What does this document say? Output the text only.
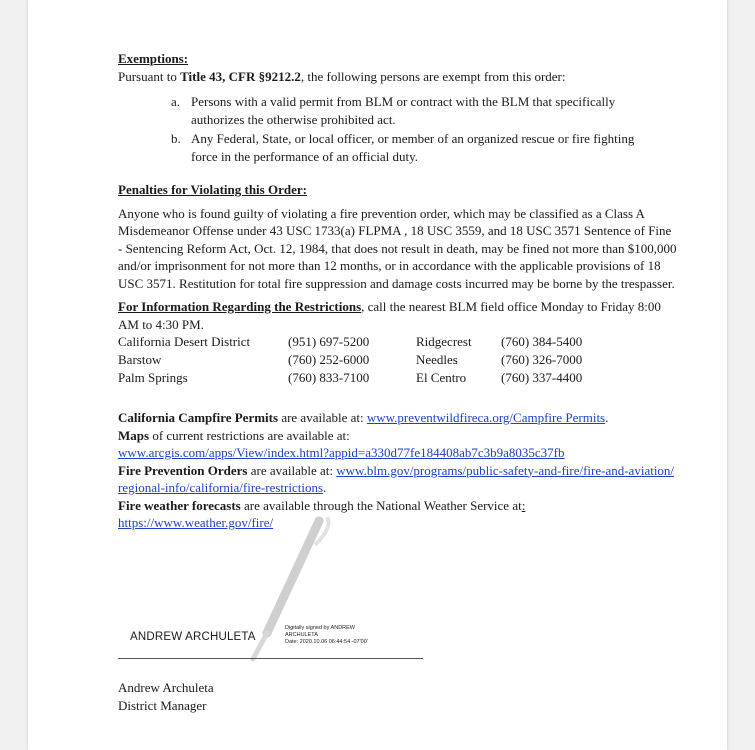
Exemptions:
Pursuant to Title 43, CFR §9212.2, the following persons are exempt from this order:
a. Persons with a valid permit from BLM or contract with the BLM that specifically authorizes the otherwise prohibited act.
b. Any Federal, State, or local officer, or member of an organized rescue or fire fighting force in the performance of an official duty.
Penalties for Violating this Order:
Anyone who is found guilty of violating a fire prevention order, which may be classified as a Class A Misdemeanor Offense under 43 USC 1733(a) FLPMA , 18 USC 3559, and 18 USC 3571 Sentence of Fine - Sentencing Reform Act, Oct. 12, 1984, that does not result in death, may be fined not more than $100,000 and/or imprisonment for not more than 12 months, or in accordance with the applicable provisions of 18 USC 3571. Restitution for total fire suppression and damage costs incurred may be borne by the trespasser.
For Information Regarding the Restrictions, call the nearest BLM field office Monday to Friday 8:00 AM to 4:30 PM.
California Desert District	(951) 697-5200	Ridgecrest	(760) 384-5400
Barstow	(760) 252-6000	Needles	(760) 326-7000
Palm Springs	(760) 833-7100	El Centro	(760) 337-4400
California Campfire Permits are available at: www.preventwildfireca.org/Campfire Permits.
Maps of current restrictions are available at:
www.arcgis.com/apps/View/index.html?appid=a330d77fe184408ab7c3b9a8035c37fb
Fire Prevention Orders are available at: www.blm.gov/programs/public-safety-and-fire/fire-and-aviation/regional-info/california/fire-restrictions.
Fire weather forecasts are available through the National Weather Service at:
https://www.weather.gov/fire/
ANDREW ARCHULETA
Digitally signed by ANDREW
ARCHULETA
Date: 2020.10.06 06:44:54 -07'00'
Andrew Archuleta
District Manager
